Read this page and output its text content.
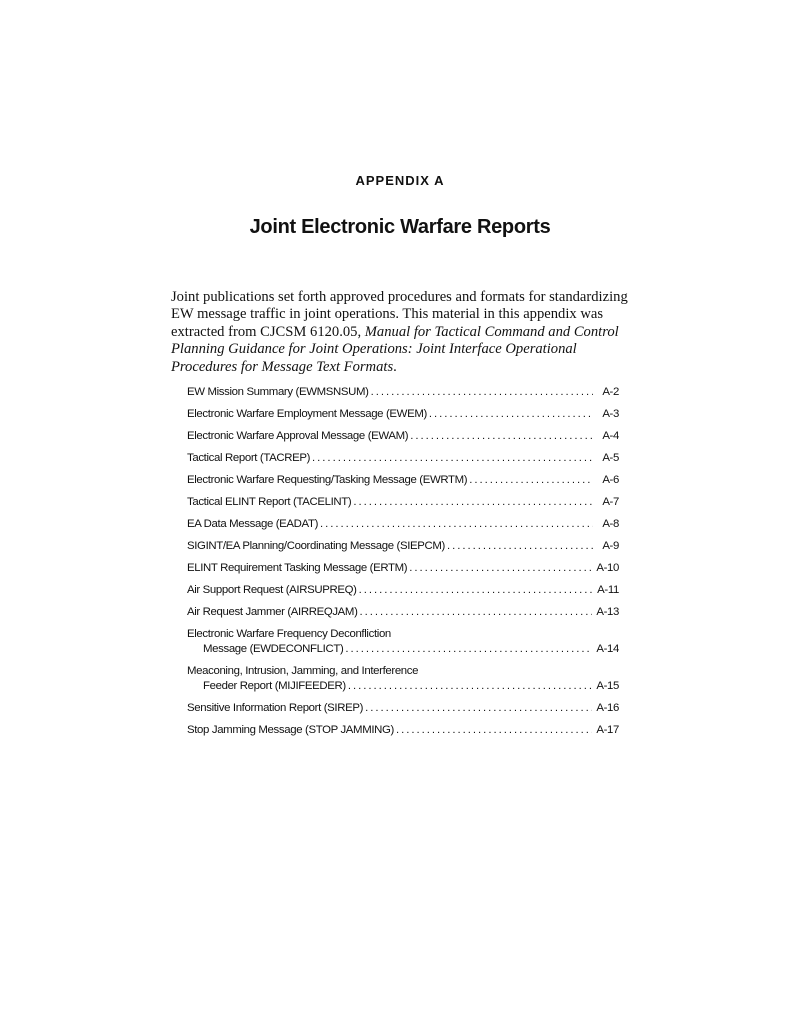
APPENDIX A
Joint Electronic Warfare Reports

Joint publications set forth approved procedures and formats for standardizing EW message traffic in joint operations. This material in this appendix was extracted from CJCSM 6120.05, Manual for Tactical Command and Control Planning Guidance for Joint Operations: Joint Interface Operational Procedures for Message Text Formats.

EW Mission Summary (EWMSNSUM) . . .	A-2
Electronic Warfare Employment Message (EWEM) . . .	A-3
Electronic Warfare Approval Message (EWAM) . . .	A-4
Tactical Report (TACREP) . . .	A-5
Electronic Warfare Requesting/Tasking Message (EWRTM) . . .	A-6
Tactical ELINT Report (TACELINT) . . .	A-7
EA Data Message (EADAT) . . .	A-8
SIGINT/EA Planning/Coordinating Message (SIEPCM) . . .	A-9
ELINT Requirement Tasking Message (ERTM) . . .	A-10
Air Support Request (AIRSUPREQ) . . .	A-11
Air Request Jammer (AIRREQJAM) . . .	A-13
Electronic Warfare Frequency Deconfliction
Message (EWDECONFLICT) . . .	A-14
Meaconing, Intrusion, Jamming, and Interference
Feeder Report (MIJIFEEDER) . . .	A-15
Sensitive Information Report (SIREP) . . .	A-16
Stop Jamming Message (STOP JAMMING) . . .	A-17
